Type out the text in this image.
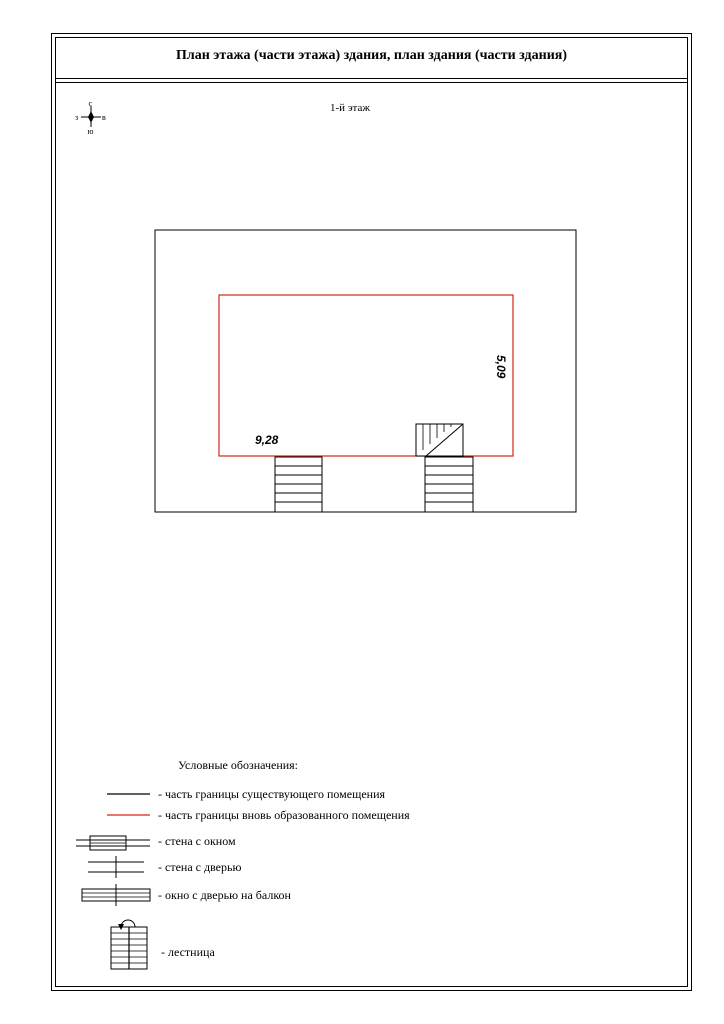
План этажа (части этажа) здания, план здания (части здания)
1-й этаж
с
ю
з	в
9,28
5,09
Условные обозначения:
- часть границы существующего помещения
- часть границы вновь образованного помещения
- стена с окном
- стена с дверью
- окно с дверью на балкон
- лестница
